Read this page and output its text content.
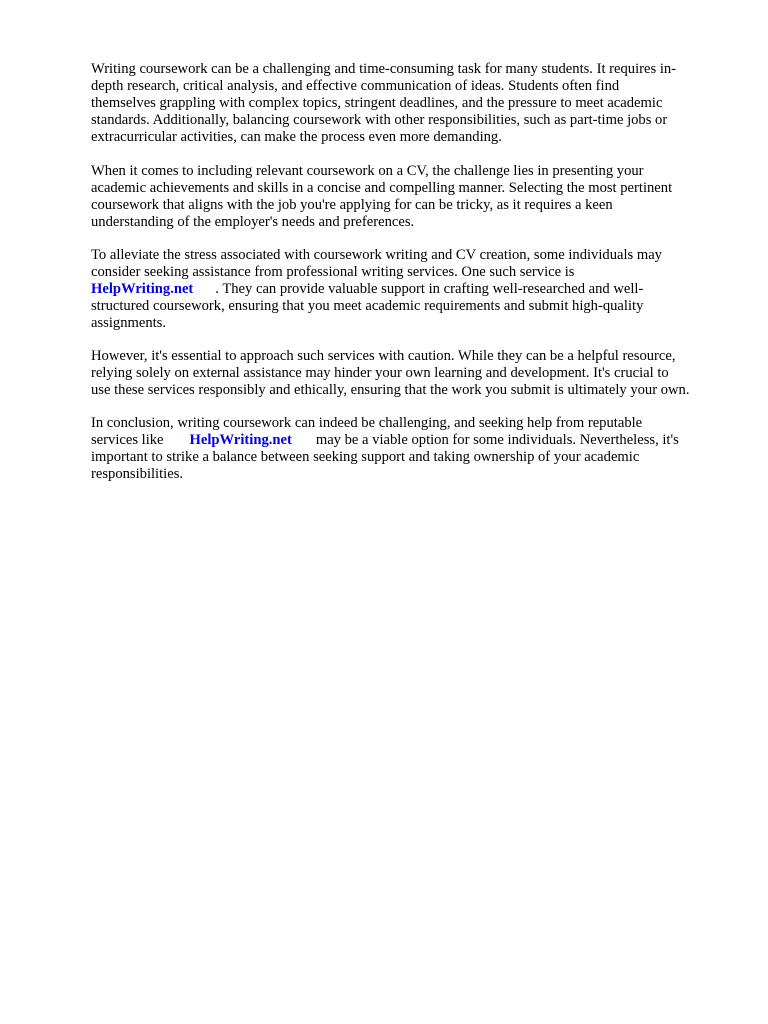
Writing coursework can be a challenging and time-consuming task for many students. It requires in-
depth research, critical analysis, and effective communication of ideas. Students often find
themselves grappling with complex topics, stringent deadlines, and the pressure to meet academic
standards. Additionally, balancing coursework with other responsibilities, such as part-time jobs or
extracurricular activities, can make the process even more demanding.
When it comes to including relevant coursework on a CV, the challenge lies in presenting your
academic achievements and skills in a concise and compelling manner. Selecting the most pertinent
coursework that aligns with the job you're applying for can be tricky, as it requires a keen
understanding of the employer's needs and preferences.
To alleviate the stress associated with coursework writing and CV creation, some individuals may
consider seeking assistance from professional writing services. One such service is
HelpWriting.net . They can provide valuable support in crafting well-researched and well-
structured coursework, ensuring that you meet academic requirements and submit high-quality
assignments.
However, it's essential to approach such services with caution. While they can be a helpful resource,
relying solely on external assistance may hinder your own learning and development. It's crucial to
use these services responsibly and ethically, ensuring that the work you submit is ultimately your own.
In conclusion, writing coursework can indeed be challenging, and seeking help from reputable
services like HelpWriting.net may be a viable option for some individuals. Nevertheless, it's
important to strike a balance between seeking support and taking ownership of your academic
responsibilities.
